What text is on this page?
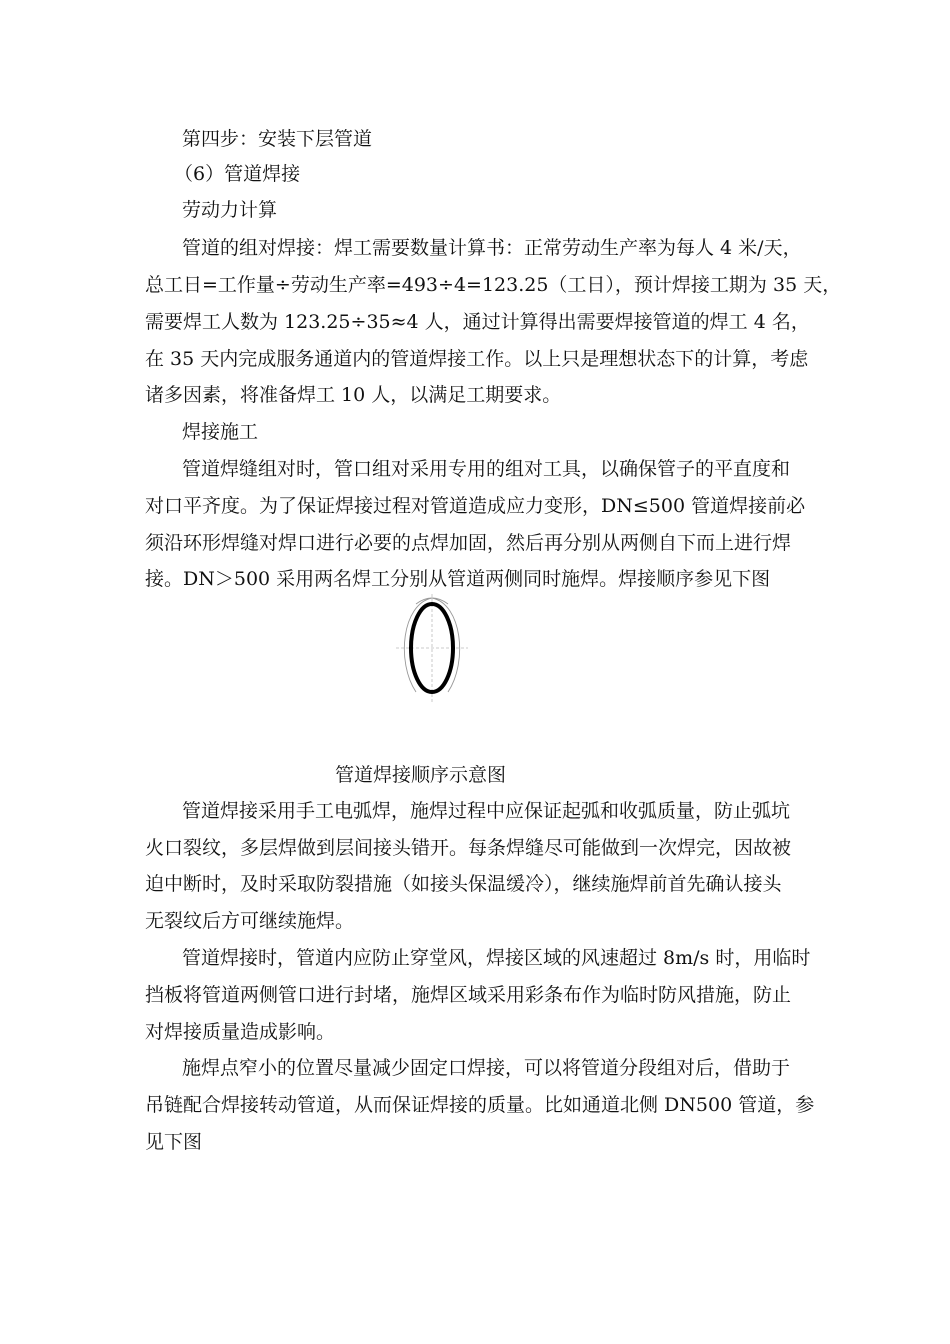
第四步：安装下层管道
（6）管道焊接
劳动力计算
管道的组对焊接：焊工需要数量计算书：正常劳动生产率为每人 4 米/天，
总工日=工作量÷劳动生产率=493÷4=123.25（工日），预计焊接工期为 35 天，
需要焊工人数为 123.25÷35≈4 人，通过计算得出需要焊接管道的焊工 4 名，
在 35 天内完成服务通道内的管道焊接工作。以上只是理想状态下的计算，考虑
诸多因素，将准备焊工 10 人，以满足工期要求。
焊接施工
管道焊缝组对时，管口组对采用专用的组对工具，以确保管子的平直度和
对口平齐度。为了保证焊接过程对管道造成应力变形，DN≤500 管道焊接前必
须沿环形焊缝对焊口进行必要的点焊加固，然后再分别从两侧自下而上进行焊
接。DN＞500 采用两名焊工分别从管道两侧同时施焊。焊接顺序参见下图
管道焊接顺序示意图
管道焊接采用手工电弧焊，施焊过程中应保证起弧和收弧质量，防止弧坑
火口裂纹，多层焊做到层间接头错开。每条焊缝尽可能做到一次焊完，因故被
迫中断时，及时采取防裂措施（如接头保温缓冷），继续施焊前首先确认接头
无裂纹后方可继续施焊。
管道焊接时，管道内应防止穿堂风，焊接区域的风速超过 8m/s 时，用临时
挡板将管道两侧管口进行封堵，施焊区域采用彩条布作为临时防风措施，防止
对焊接质量造成影响。
施焊点窄小的位置尽量减少固定口焊接，可以将管道分段组对后，借助于
吊链配合焊接转动管道，从而保证焊接的质量。比如通道北侧 DN500 管道，参
见下图
